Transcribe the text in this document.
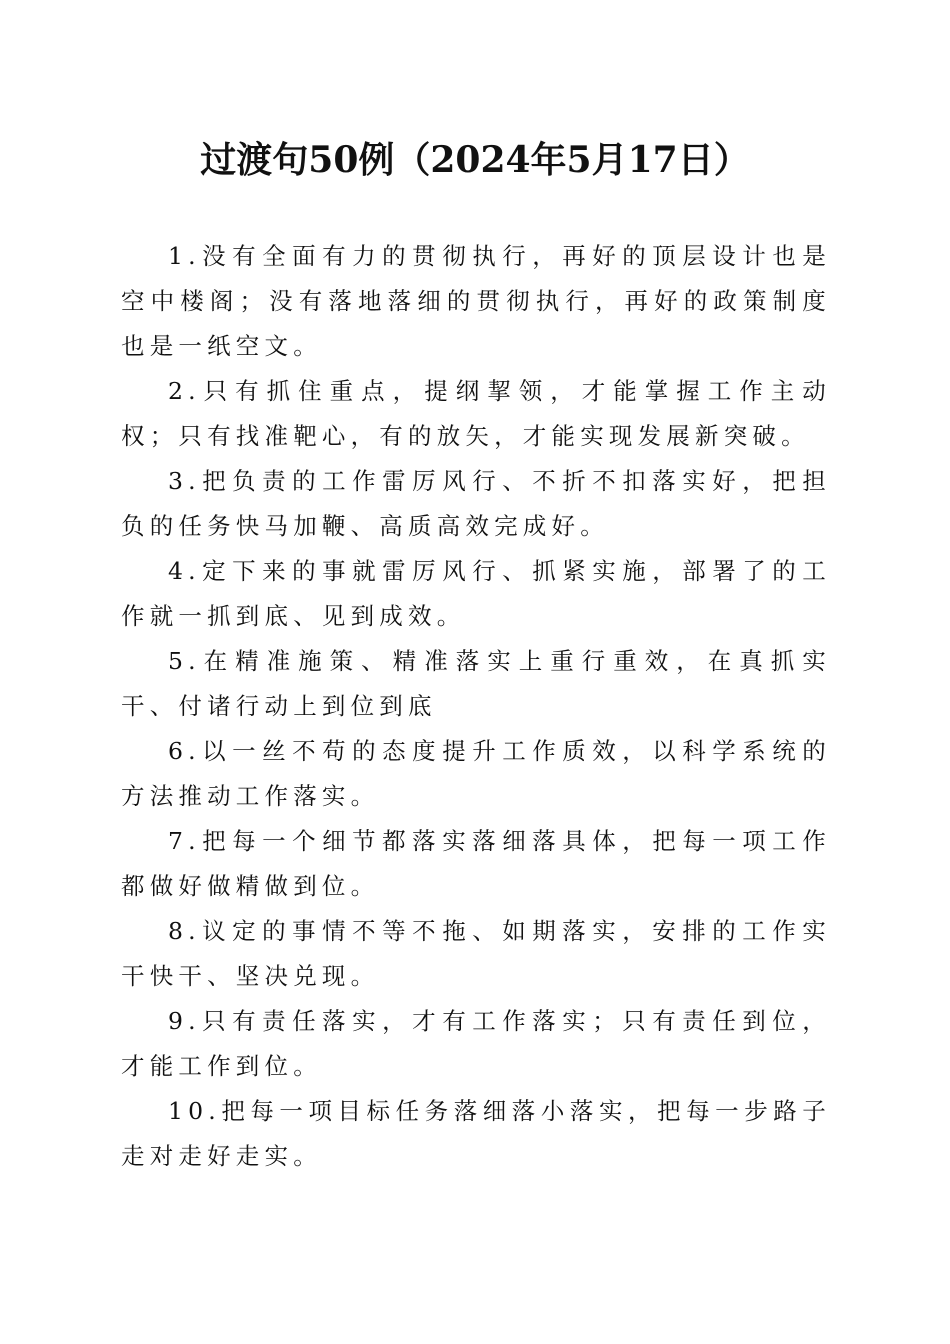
过渡句50例（2024年5月17日）

1.没有全面有力的贯彻执行，再好的顶层设计也是空中楼阁；没有落地落细的贯彻执行，再好的政策制度也是一纸空文。

2.只有抓住重点，提纲挈领，才能掌握工作主动权；只有找准靶心，有的放矢，才能实现发展新突破。

3.把负责的工作雷厉风行、不折不扣落实好，把担负的任务快马加鞭、高质高效完成好。

4.定下来的事就雷厉风行、抓紧实施，部署了的工作就一抓到底、见到成效。

5.在精准施策、精准落实上重行重效，在真抓实干、付诸行动上到位到底

6.以一丝不苟的态度提升工作质效，以科学系统的方法推动工作落实。

7.把每一个细节都落实落细落具体，把每一项工作都做好做精做到位。

8.议定的事情不等不拖、如期落实，安排的工作实干快干、坚决兑现。

9.只有责任落实，才有工作落实；只有责任到位，才能工作到位。

10.把每一项目标任务落细落小落实，把每一步路子走对走好走实。
